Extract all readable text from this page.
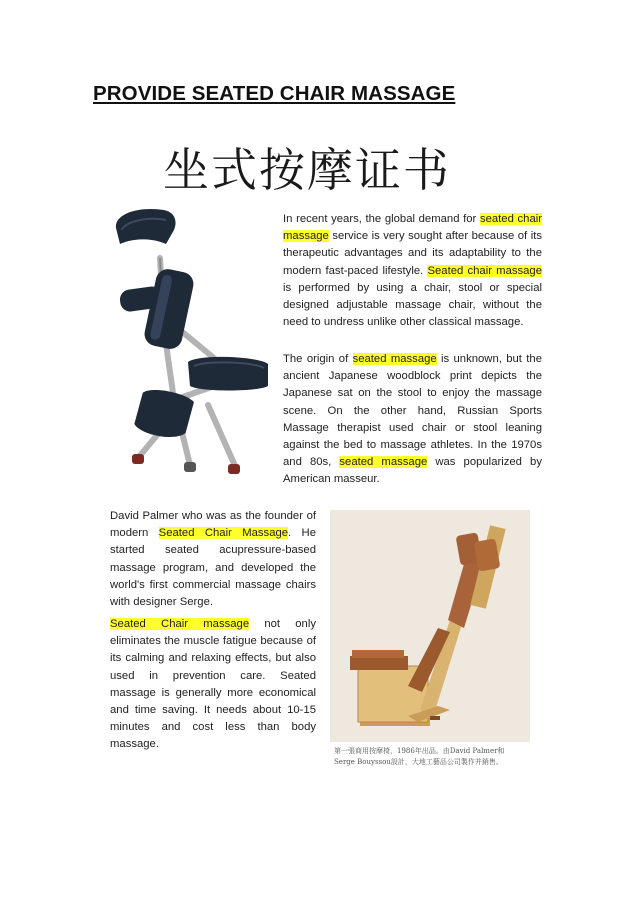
PROVIDE SEATED CHAIR MASSAGE
坐式按摩证书
In recent years, the global demand for seated chair massage service is very sought after because of its therapeutic advantages and its adaptability to the modern fast-paced lifestyle. Seated chair massage is performed by using a chair, stool or special designed adjustable massage chair, without the need to undress unlike other classical massage.
The origin of seated massage is unknown, but the ancient Japanese woodblock print depicts the Japanese sat on the stool to enjoy the massage scene. On the other hand, Russian Sports Massage therapist used chair or stool leaning against the bed to massage athletes. In the 1970s and 80s, seated massage was popularized by American masseur.
David Palmer who was as the founder of modern Seated Chair Massage. He started seated acupressure-based massage program, and developed the world's first commercial massage chairs with designer Serge.
Seated Chair massage not only eliminates the muscle fatigue because of its calming and relaxing effects, but also used in prevention care. Seated massage is generally more economical and time saving. It needs about 10-15 minutes and cost less than body massage.
第一張商用按摩椅，1986年出品。由David Palmer和
Serge Bouyssou設計，大地工藝品公司製作并銷售。
